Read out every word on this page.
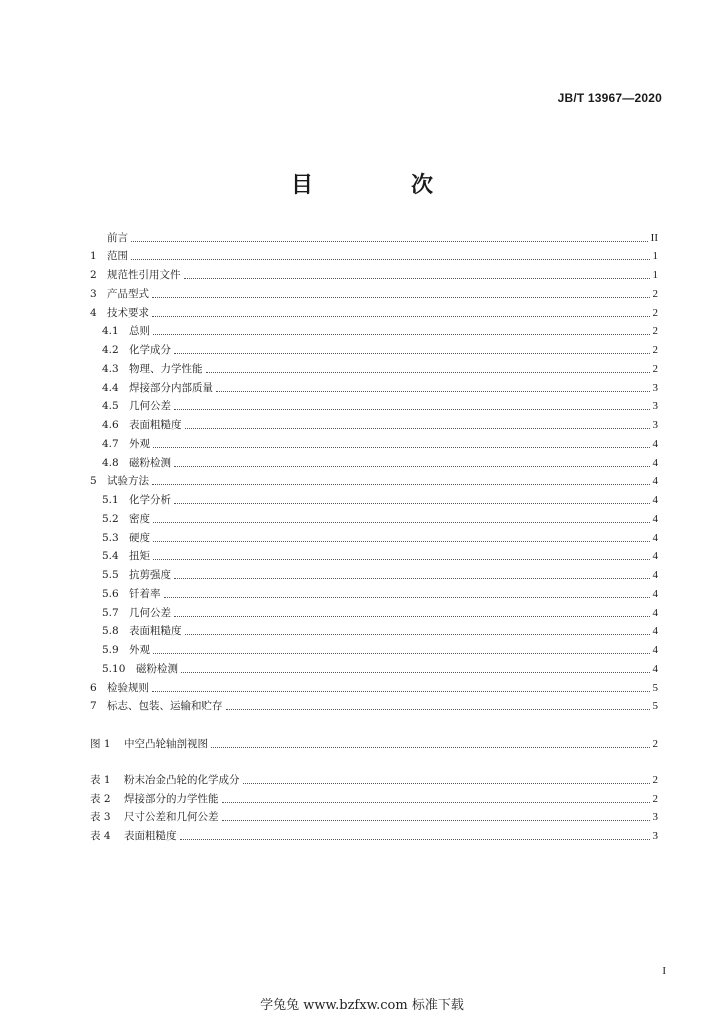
JB/T 13967—2020
目　次
前言	II
1 范围	1
2 规范性引用文件	1
3 产品型式	2
4 技术要求	2
4.1 总则	2
4.2 化学成分	2
4.3 物理、力学性能	2
4.4 焊接部分内部质量	3
4.5 几何公差	3
4.6 表面粗糙度	3
4.7 外观	4
4.8 磁粉检测	4
5 试验方法	4
5.1 化学分析	4
5.2 密度	4
5.3 硬度	4
5.4 扭矩	4
5.5 抗剪强度	4
5.6 钎着率	4
5.7 几何公差	4
5.8 表面粗糙度	4
5.9 外观	4
5.10 磁粉检测	4
6 检验规则	5
7 标志、包装、运输和贮存	5
图 1 中空凸轮轴剖视图	2
表 1 粉末冶金凸轮的化学成分	2
表 2 焊接部分的力学性能	2
表 3 尺寸公差和几何公差	3
表 4 表面粗糙度	3
I
学兔兔 www.bzfxw.com 标准下载
